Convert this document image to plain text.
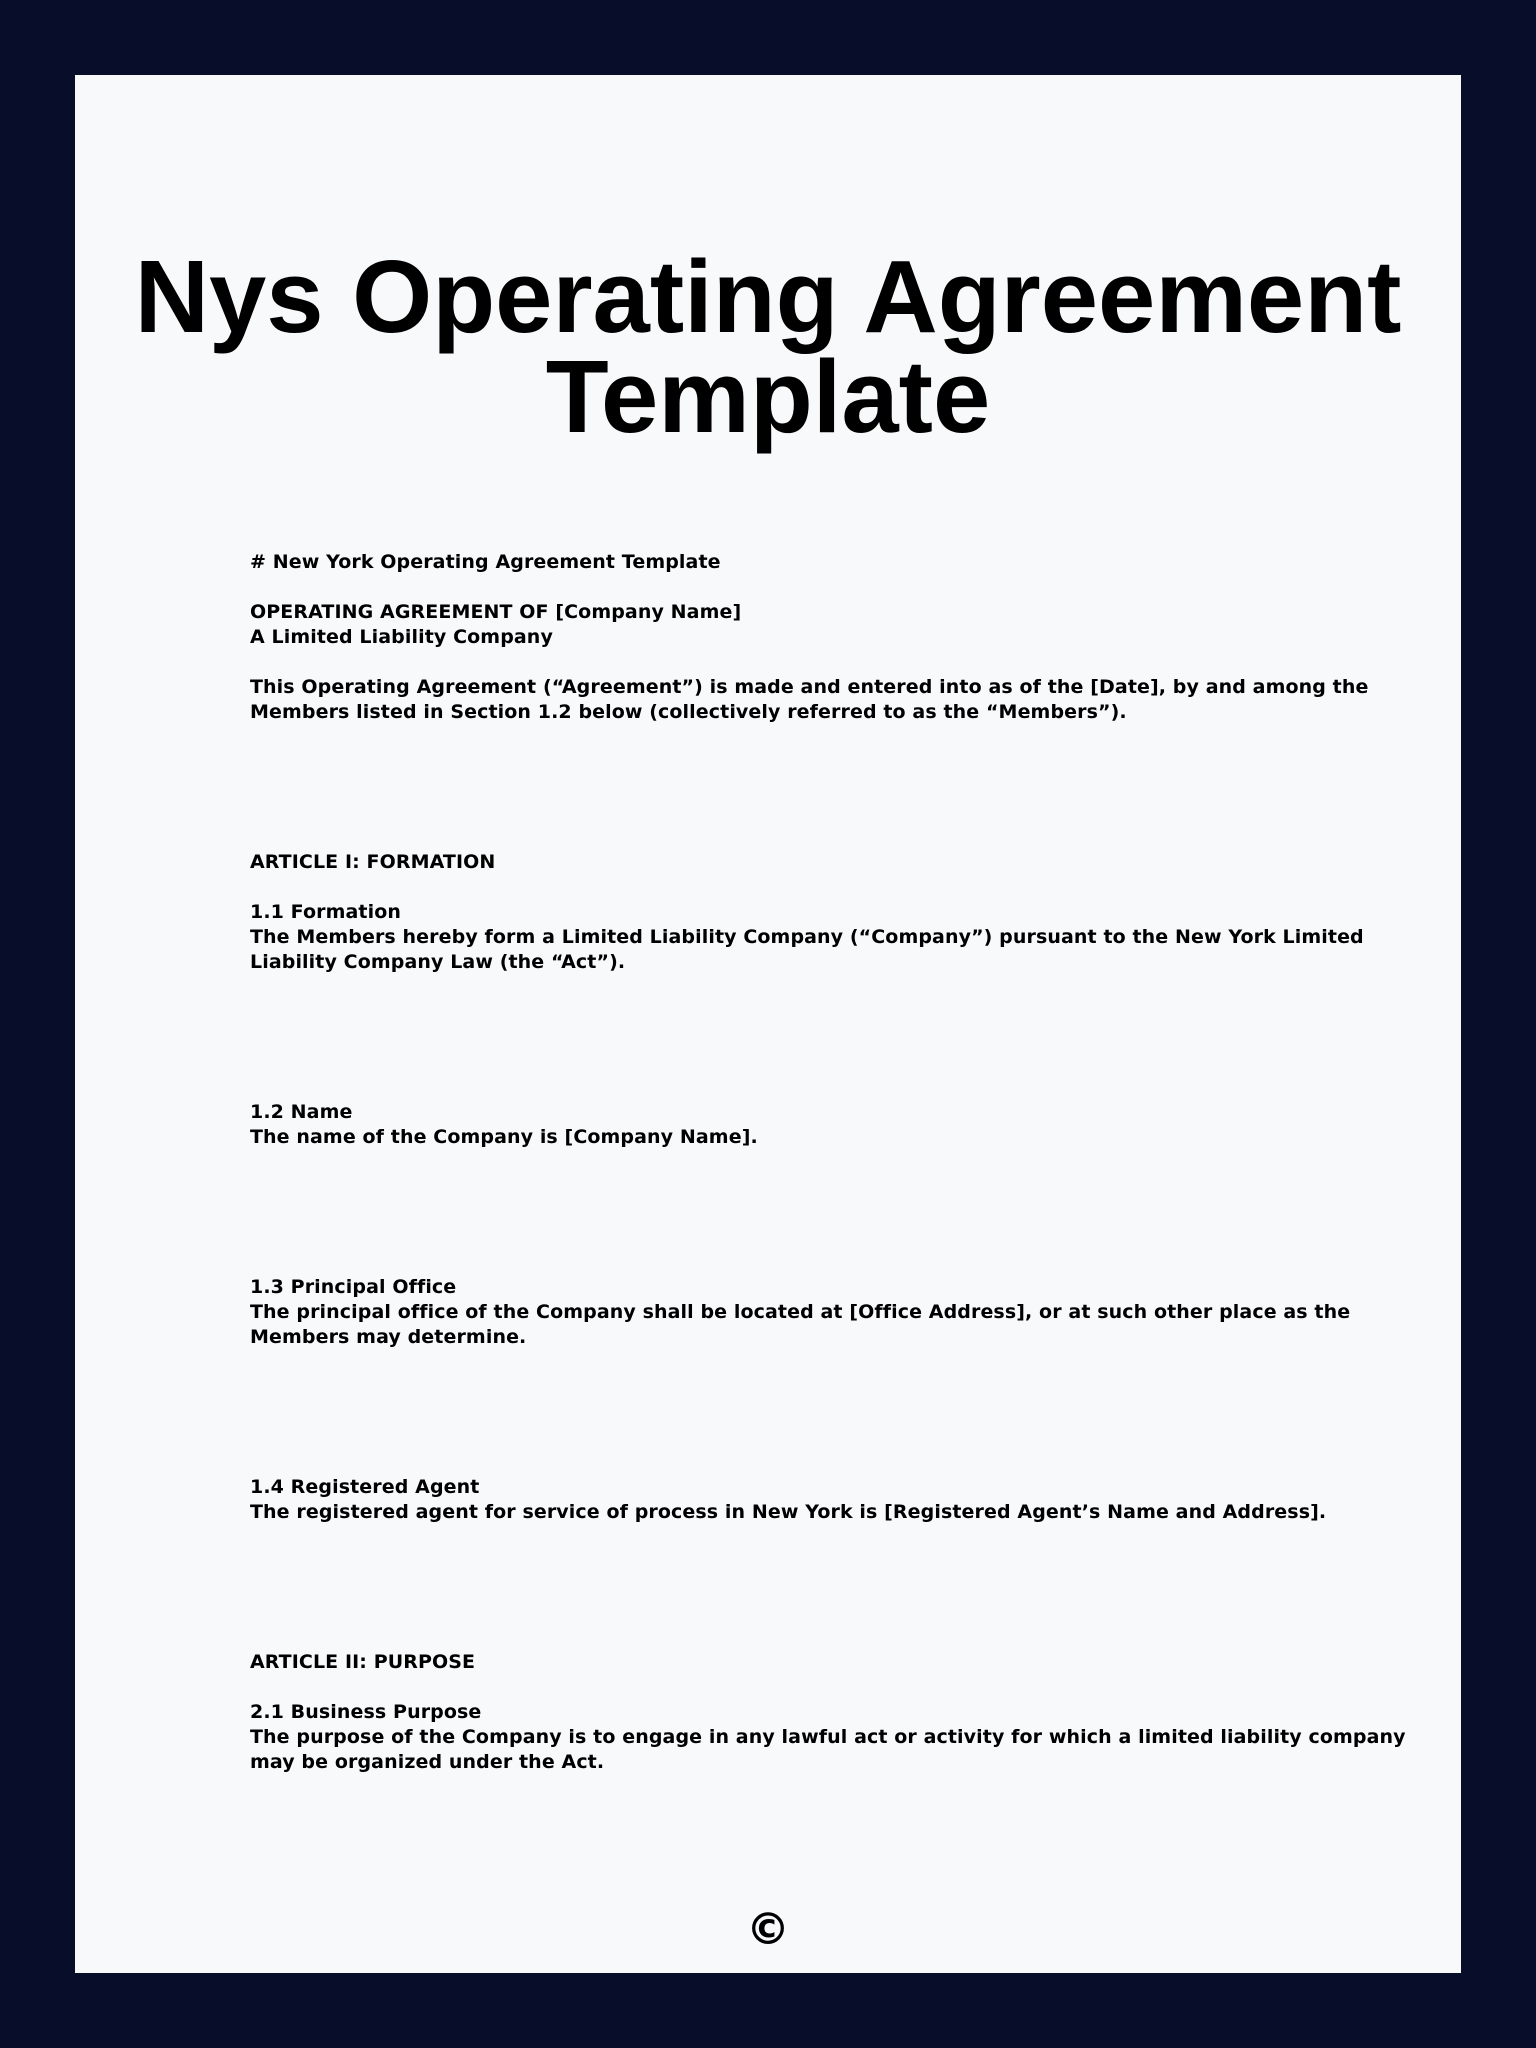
Nys Operating Agreement
Template
# New York Operating Agreement Template
OPERATING AGREEMENT OF [Company Name]
A Limited Liability Company
This Operating Agreement (“Agreement”) is made and entered into as of the [Date], by and among the
Members listed in Section 1.2 below (collectively referred to as the “Members”).
ARTICLE I: FORMATION
1.1 Formation
The Members hereby form a Limited Liability Company (“Company”) pursuant to the New York Limited
Liability Company Law (the “Act”).
1.2 Name
The name of the Company is [Company Name].
1.3 Principal Office
The principal office of the Company shall be located at [Office Address], or at such other place as the
Members may determine.
1.4 Registered Agent
The registered agent for service of process in New York is [Registered Agent’s Name and Address].
ARTICLE II: PURPOSE
2.1 Business Purpose
The purpose of the Company is to engage in any lawful act or activity for which a limited liability company
may be organized under the Act.
©
